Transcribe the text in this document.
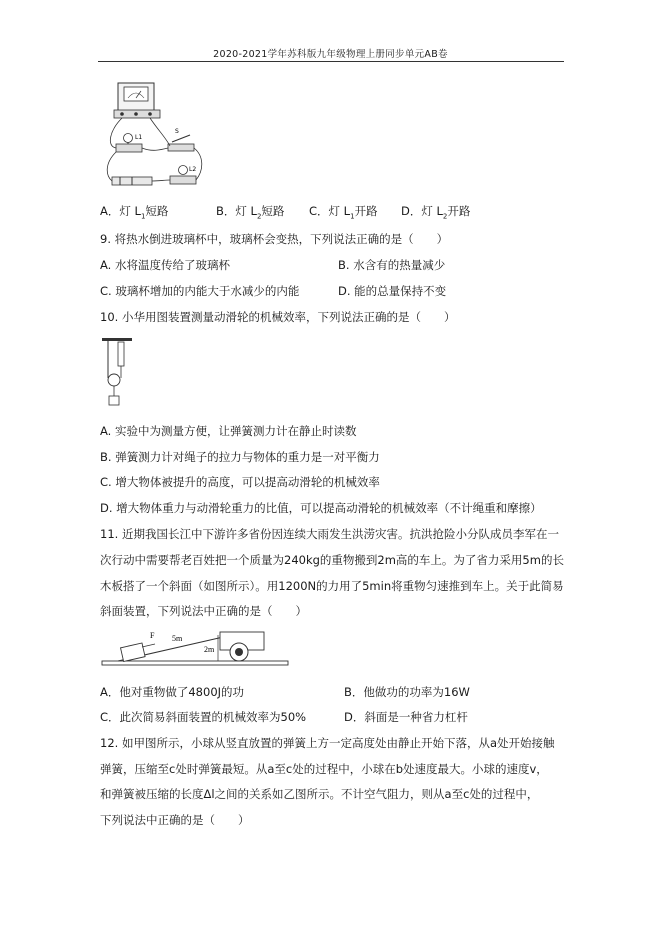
2020-2021学年苏科版九年级物理上册同步单元AB卷
L1
S
L2
A．灯 $L_1$短路	B．灯 $L_2$短路 C．灯 $L_1$开路 D．灯 $L_2$开路
9. 将热水倒进玻璃杯中，玻璃杯会变热，下列说法正确的是（　　）
A. 水将温度传给了玻璃杯	B. 水含有的热量减少
C. 玻璃杯增加的内能大于水减少的内能	D. 能的总量保持不变
10. 小华用图装置测量动滑轮的机械效率，下列说法正确的是（　　）
A. 实验中为测量方便，让弹簧测力计在静止时读数
B. 弹簧测力计对绳子的拉力与物体的重力是一对平衡力
C. 增大物体被提升的高度，可以提高动滑轮的机械效率
D. 增大物体重力与动滑轮重力的比值，可以提高动滑轮的机械效率（不计绳重和摩擦）
11. 近期我国长江中下游许多省份因连续大雨发生洪涝灾害。抗洪抢险小分队成员李军在一
次行动中需要帮老百姓把一个质量为240kg的重物搬到2m高的车上。为了省力采用5m的长
木板搭了一个斜面（如图所示）。用1200N的力用了5min将重物匀速推到车上。关于此简易
斜面装置，下列说法中正确的是（　　）
F 5m
2m
A．他对重物做了4800J的功	B．他做功的功率为16W
C．此次简易斜面装置的机械效率为50%	D．斜面是一种省力杠杆
12. 如甲图所示，小球从竖直放置的弹簧上方一定高度处由静止开始下落，从a处开始接触
弹簧，压缩至c处时弹簧最短。从a至c处的过程中，小球在b处速度最大。小球的速度v，
和弹簧被压缩的长度Δl之间的关系如乙图所示。不计空气阻力，则从a至c处的过程中，
下列说法中正确的是（　　）
